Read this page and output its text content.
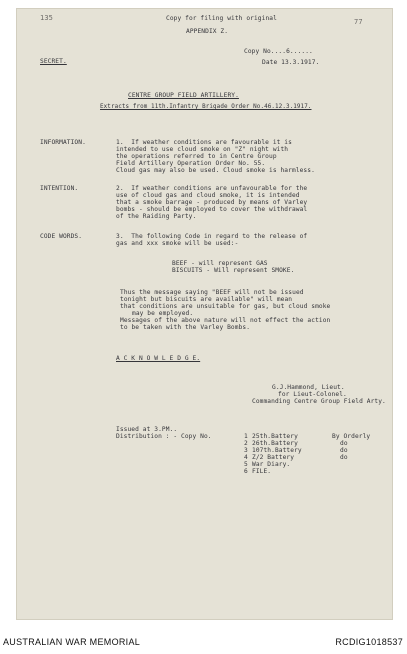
135	Copy for filing with original	77
APPENDIX Z.
Copy No....6......
SECRET.	Date 13.3.1917.
CENTRE GROUP FIELD ARTILLERY.
Extracts from 11th.Infantry Brigade Order No.46.12.3.1917.
INFORMATION.	1.  If weather conditions are favourable it is
intended to use cloud smoke on "Z" night with
the operations referred to in Centre Group
Field Artillery Operation Order No. 55.
Cloud gas may also be used. Cloud smoke is harmless.
INTENTION.	2.  If weather conditions are unfavourable for the
use of cloud gas and cloud smoke, it is intended
that a smoke barrage - produced by means of Varley
bombs - should be employed to cover the withdrawal
of the Raiding Party.
CODE WORDS.	3.  The following Code in regard to the release of
gas and xxx smoke will be used:-
BEEF - will represent GAS
BISCUITS - Will represent SMOKE.
Thus the message saying "BEEF will not be issued
tonight but biscuits are available" will mean
that conditions are unsuitable for gas, but cloud smoke
may be employed.
Messages of the above nature will not effect the action
to be taken with the Varley Bombs.
A C K N O W L E D G E.
G.J.Hammond, Lieut.
for Lieut-Colonel.
Commanding Centre Group Field Arty.
Issued at 3.PM..
Distribution : - Copy No.	1 25th.Battery	By Orderly
2 26th.Battery	do
3 107th.Battery	do
4 Z/2 Battery	do
5 War Diary.
6 FILE.
AUSTRALIAN WAR MEMORIAL	RCDIG1018537
